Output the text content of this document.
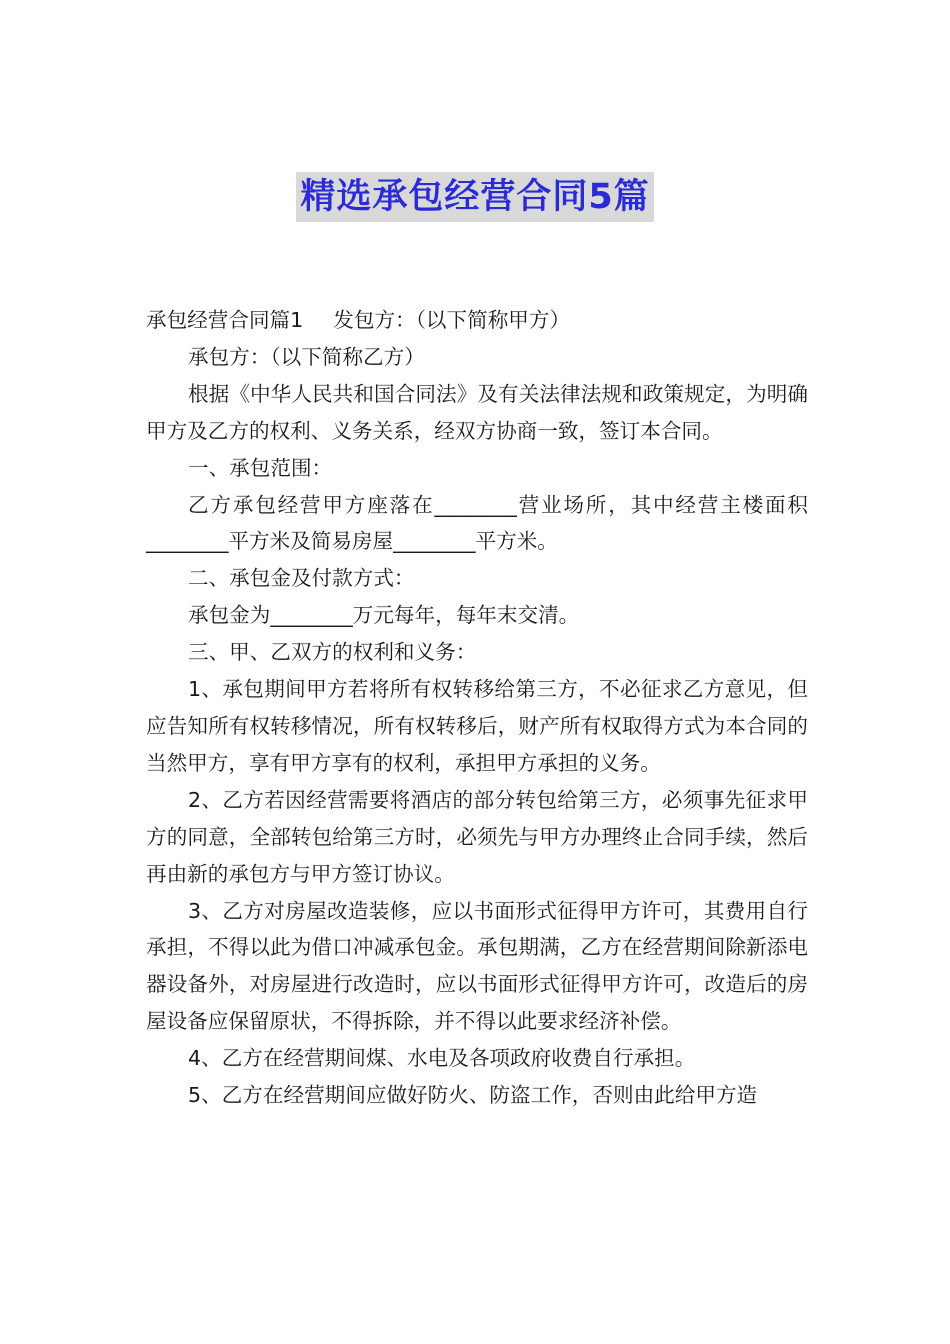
精选承包经营合同5篇

承包经营合同篇1 发包方：（以下简称甲方）

承包方：（以下简称乙方）

根据《中华人民共和国合同法》及有关法律法规和政策规定，为明确甲方及乙方的权利、义务关系，经双方协商一致，签订本合同。

一、承包范围：

乙方承包经营甲方座落在________营业场所，其中经营主楼面积________平方米及简易房屋________平方米。

二、承包金及付款方式：

承包金为________万元每年，每年末交清。

三、甲、乙双方的权利和义务：

1、承包期间甲方若将所有权转移给第三方，不必征求乙方意见，但应告知所有权转移情况，所有权转移后，财产所有权取得方式为本合同的当然甲方，享有甲方享有的权利，承担甲方承担的义务。

2、乙方若因经营需要将酒店的部分转包给第三方，必须事先征求甲方的同意，全部转包给第三方时，必须先与甲方办理终止合同手续，然后再由新的承包方与甲方签订协议。

3、乙方对房屋改造装修，应以书面形式征得甲方许可，其费用自行承担，不得以此为借口冲减承包金。承包期满，乙方在经营期间除新添电器设备外，对房屋进行改造时，应以书面形式征得甲方许可，改造后的房屋设备应保留原状，不得拆除，并不得以此要求经济补偿。

4、乙方在经营期间煤、水电及各项政府收费自行承担。

5、乙方在经营期间应做好防火、防盗工作，否则由此给甲方造
